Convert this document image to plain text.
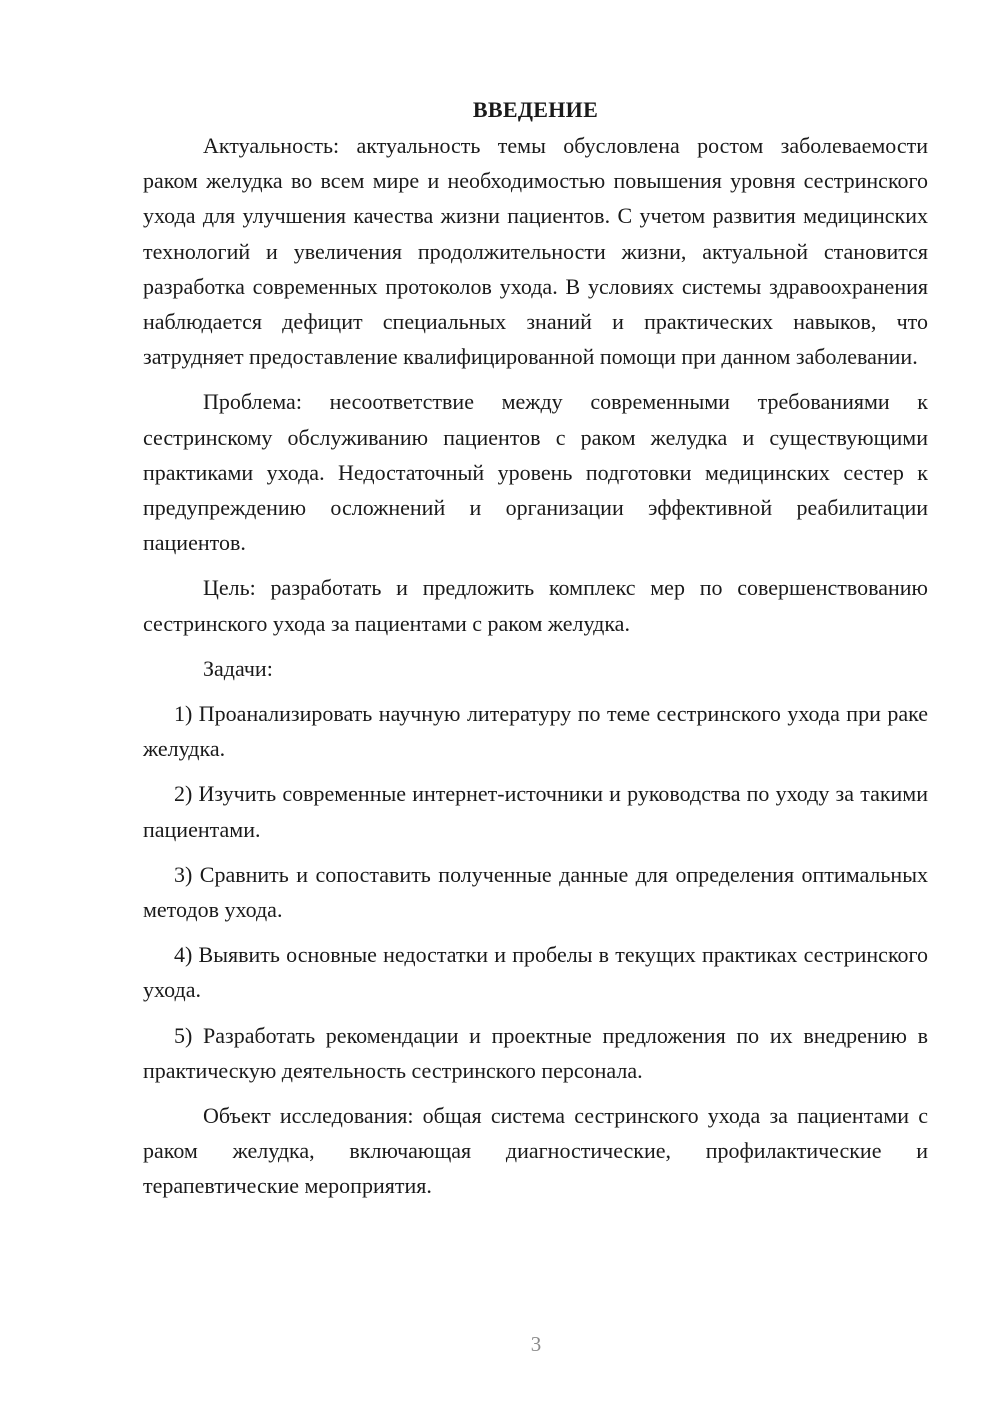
ВВЕДЕНИЕ

Актуальность: актуальность темы обусловлена ростом заболеваемости раком желудка во всем мире и необходимостью повышения уровня сестринского ухода для улучшения качества жизни пациентов. С учетом развития медицинских технологий и увеличения продолжительности жизни, актуальной становится разработка современных протоколов ухода. В условиях системы здравоохранения наблюдается дефицит специальных знаний и практических навыков, что затрудняет предоставление квалифицированной помощи при данном заболевании.

Проблема: несоответствие между современными требованиями к сестринскому обслуживанию пациентов с раком желудка и существующими практиками ухода. Недостаточный уровень подготовки медицинских сестер к предупреждению осложнений и организации эффективной реабилитации пациентов.

Цель: разработать и предложить комплекс мер по совершенствованию сестринского ухода за пациентами с раком желудка.

Задачи:

1) Проанализировать научную литературу по теме сестринского ухода при раке желудка.

2) Изучить современные интернет-источники и руководства по уходу за такими пациентами.

3) Сравнить и сопоставить полученные данные для определения оптимальных методов ухода.

4) Выявить основные недостатки и пробелы в текущих практиках сестринского ухода.

5) Разработать рекомендации и проектные предложения по их внедрению в практическую деятельность сестринского персонала.

Объект исследования: общая система сестринского ухода за пациентами с раком желудка, включающая диагностические, профилактические и терапевтические мероприятия.

3
